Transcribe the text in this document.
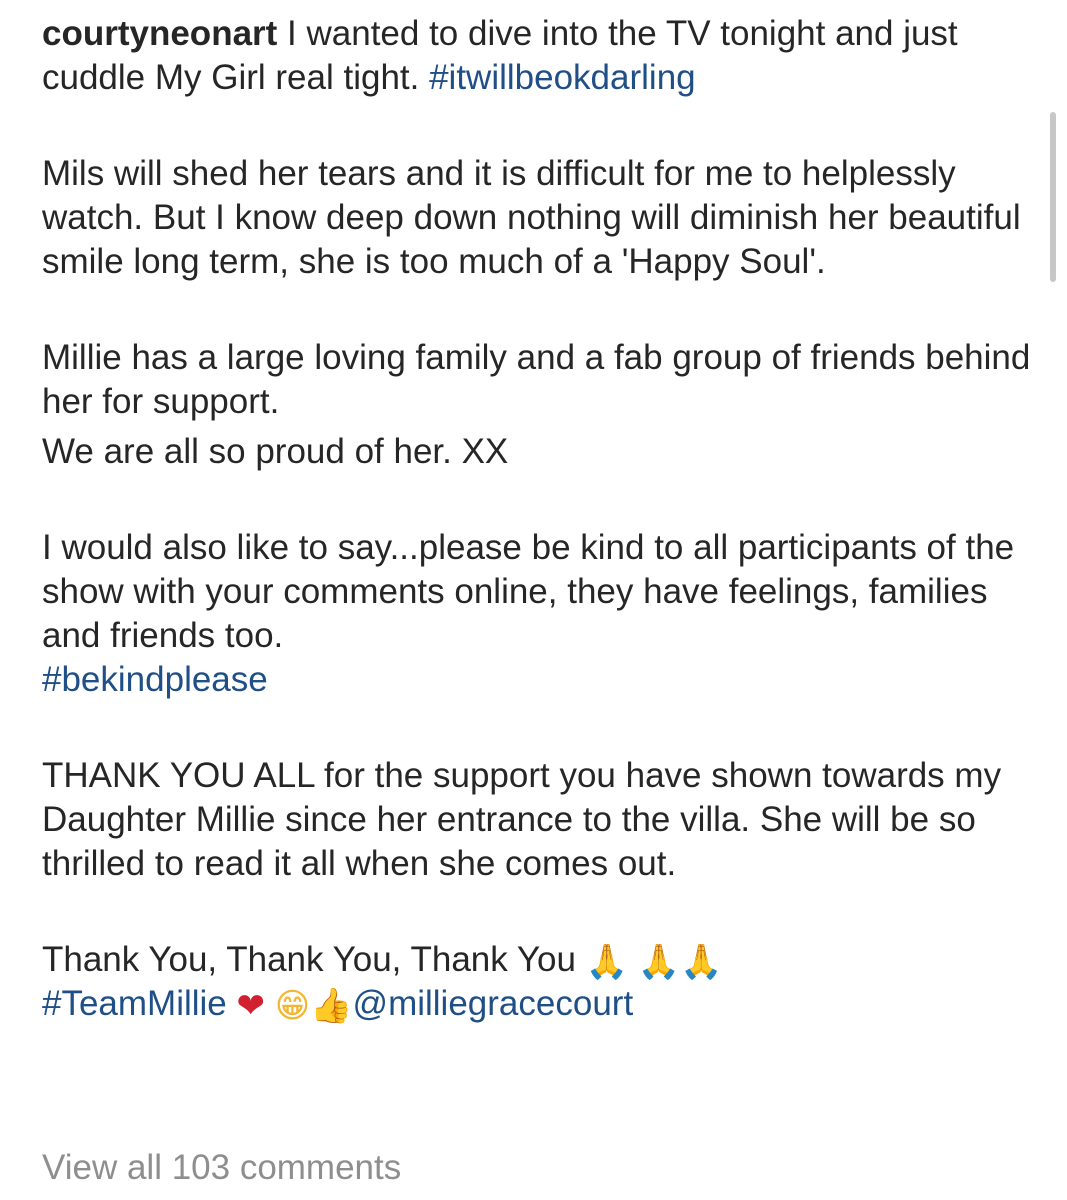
courtyneonart I wanted to dive into the TV tonight and just cuddle My Girl real tight. #itwillbeokdarling

Mils will shed her tears and it is difficult for me to helplessly watch. But I know deep down nothing will diminish her beautiful smile long term, she is too much of a 'Happy Soul'.

Millie has a large loving family and a fab group of friends behind her for support.

We are all so proud of her. XX

I would also like to say...please be kind to all participants of the show with your comments online, they have feelings, families and friends too.
#bekindplease

THANK YOU ALL for the support you have shown towards my Daughter Millie since her entrance to the villa. She will be so thrilled to read it all when she comes out.

Thank You, Thank You, Thank You 🙏 🙏🙏
#TeamMillie ❤ 😁👍@milliegracecourt

View all 103 comments
